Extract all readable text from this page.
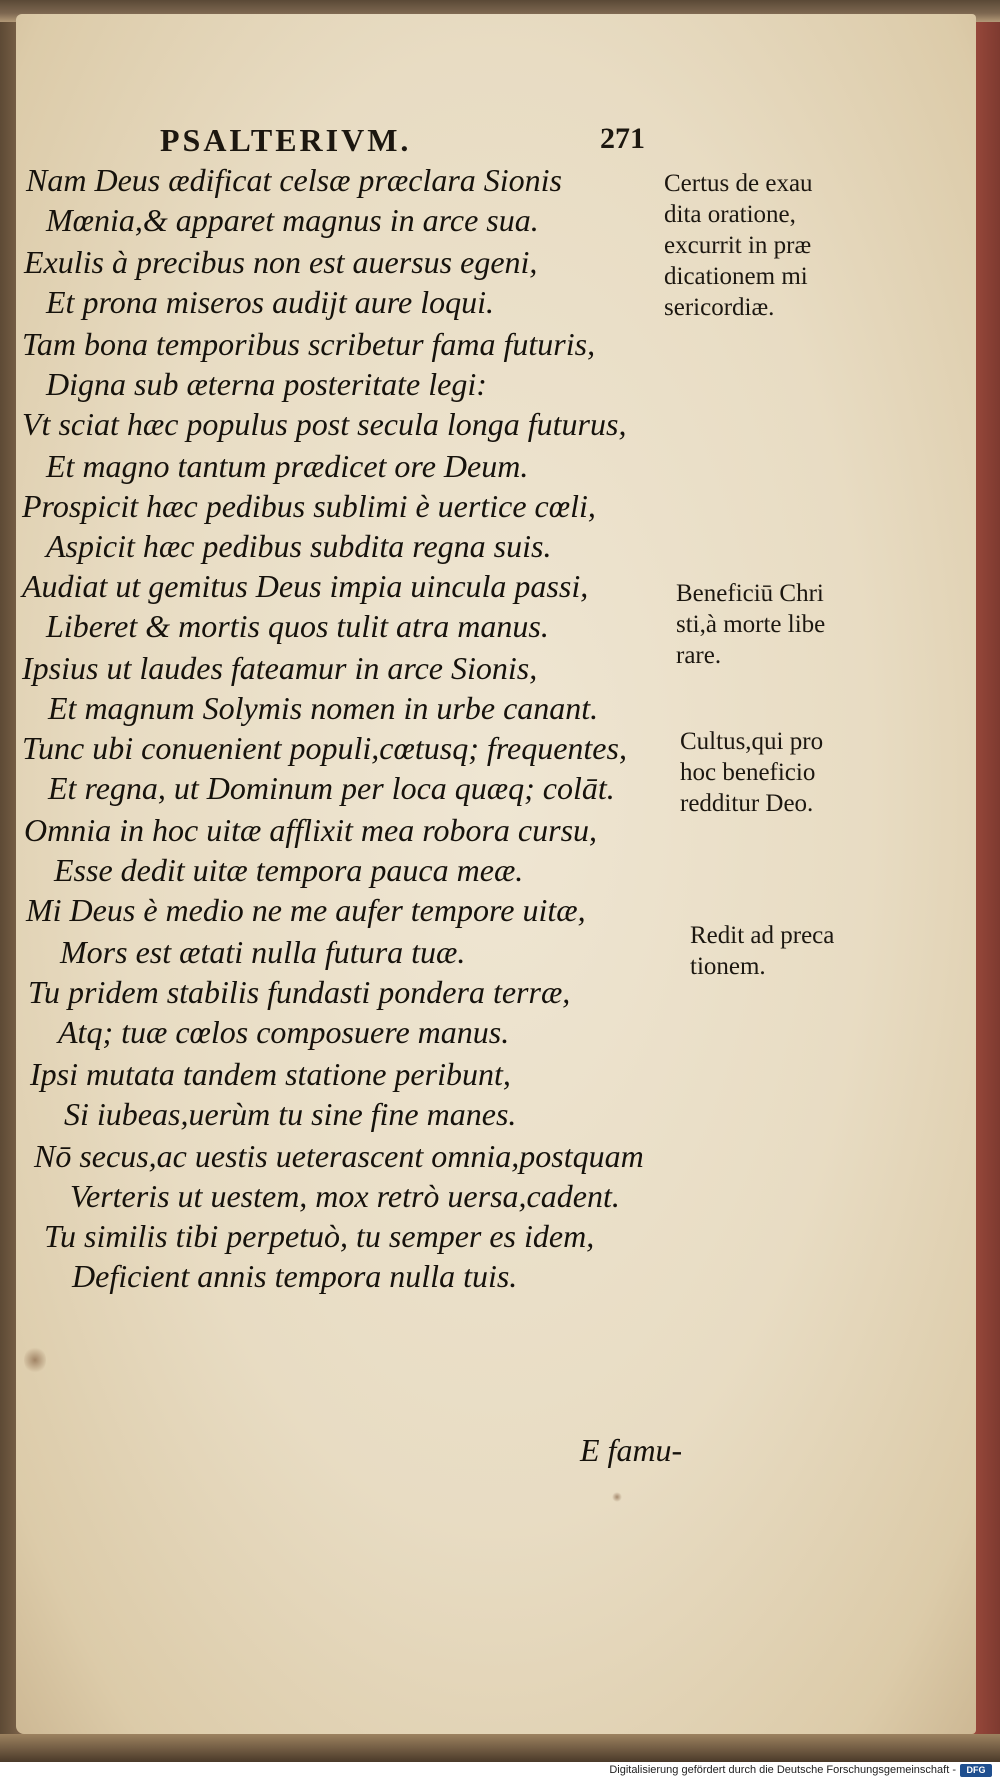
PSALTERIVM.	271

Nam Deus ædificat celsæ præclara Sionis

Mœnia,& apparet magnus in arce sua.

Exulis à precibus non est auersus egeni,

Et prona miseros audijt aure loqui.

Tam bona temporibus scribetur fama futuris,

Digna sub æterna posteritate legi:

Vt sciat hæc populus post secula longa futurus,

Et magno tantum prædicet ore Deum.

Prospicit hæc pedibus sublimi è uertice cœli,

Aspicit hæc pedibus subdita regna suis.

Audiat ut gemitus Deus impia uincula passi,

Liberet & mortis quos tulit atra manus.

Ipsius ut laudes fateamur in arce Sionis,

Et magnum Solymis nomen in urbe canant.

Tunc ubi conuenient populi,cœtusq; frequentes,

Et regna, ut Dominum per loca quæq; colāt.

Omnia in hoc uitæ afflixit mea robora cursu,

Esse dedit uitæ tempora pauca meæ.

Mi Deus è medio ne me aufer tempore uitæ,

Mors est ætati nulla futura tuæ.

Tu pridem stabilis fundasti pondera terræ,

Atq; tuæ cœlos composuere manus.

Ipsi mutata tandem statione peribunt,

Si iubeas,uerùm tu sine fine manes.

Nō secus,ac uestis ueterascent omnia,postquam

Verteris ut uestem, mox retrò uersa,cadent.

Tu similis tibi perpetuò, tu semper es idem,

Deficient annis tempora nulla tuis.

E famu-

Certus de exau
dita oratione,
excurrit in præ
dicationem mi
sericordiæ.

Beneficiū Chri
sti,à morte libe
rare.

Cultus,qui pro
hoc beneficio
redditur Deo.

Redit ad preca
tionem.

Digitalisierung gefördert durch die Deutsche Forschungsgemeinschaft -	DFG
